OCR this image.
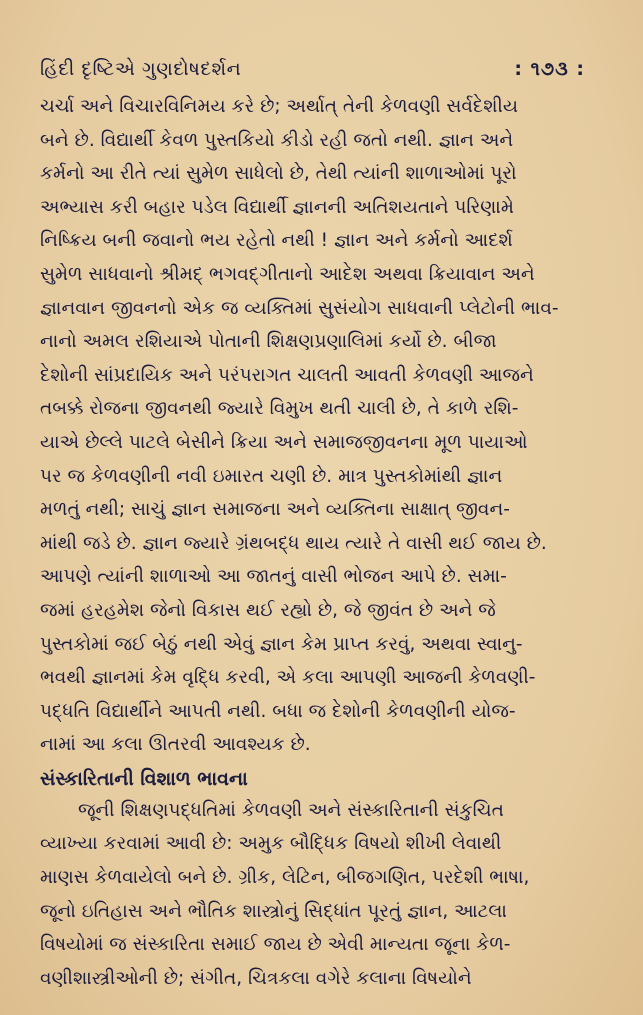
હિંદી દૃષ્ટિએ ગુણદોષદર્શન	: ૧૭૩ :

ચર્ચા અને વિચારવિનિમય કરે છે; અર્થાત્ તેની કેળવણી સર્વદેશીય

બને છે. વિદ્યાર્થી કેવળ પુસ્તકિયો કીડો રહી જતો નથી. જ્ઞાન અને

કર્મનો આ રીતે ત્યાં સુમેળ સાધેલો છે, તેથી ત્યાંની શાળાઓમાં પૂરો

અભ્યાસ કરી બહાર પડેલ વિદ્યાર્થી જ્ઞાનની અતિશયતાને પરિણામે

નિષ્ક્રિય બની જવાનો ભય રહેતો નથી ! જ્ઞાન અને કર્મનો આદર્શ

સુમેળ સાધવાનો શ્રીમદ્ ભગવદ્ગીતાનો આદેશ અથવા ક્રિયાવાન અને

જ્ઞાનવાન જીવનનો એક જ વ્યક્તિમાં સુસંયોગ સાધવાની પ્લેટોની ભાવ-

નાનો અમલ રશિયાએ પોતાની શિક્ષણપ્રણાલિમાં કર્યો છે. બીજા

દેશોની સાંપ્રદાયિક અને પરંપરાગત ચાલતી આવતી કેળવણી આજને

તબક્કે રોજના જીવનથી જ્યારે વિમુખ થતી ચાલી છે, તે કાળે રશિ-

યાએ છેલ્લે પાટલે બેસીને ક્રિયા અને સમાજજીવનના મૂળ પાયાઓ

પર જ કેળવણીની નવી ઇમારત ચણી છે. માત્ર પુસ્તકોમાંથી જ્ઞાન

મળતું નથી; સાચું જ્ઞાન સમાજના અને વ્યક્તિના સાક્ષાત્ જીવન-

માંથી જડે છે. જ્ઞાન જ્યારે ગ્રંથબદ્ધ થાય ત્યારે તે વાસી થઈ જાય છે.

આપણે ત્યાંની શાળાઓ આ જાતનું વાસી ભોજન આપે છે. સમા-

જમાં હરહમેશ જેનો વિકાસ થઈ રહ્યો છે, જે જીવંત છે અને જે

પુસ્તકોમાં જઈ બેઠું નથી એવું જ્ઞાન કેમ પ્રાપ્ત કરવું, અથવા સ્વાનુ-

ભવથી જ્ઞાનમાં કેમ વૃદ્ધિ કરવી, એ કલા આપણી આજની કેળવણી-

પદ્ધતિ વિદ્યાર્થીને આપતી નથી. બધા જ દેશોની કેળવણીની યોજ-

નામાં આ કલા ઊતરવી આવશ્યક છે.

સંસ્કારિતાની વિશાળ ભાવના

જૂની શિક્ષણપદ્ધતિમાં કેળવણી અને સંસ્કારિતાની સંકુચિત

વ્યાખ્યા કરવામાં આવી છે: અમુક બૌદ્ધિક વિષયો શીખી લેવાથી

માણસ કેળવાયેલો બને છે. ગ્રીક, લેટિન, બીજગણિત, પરદેશી ભાષા,

જૂનો ઇતિહાસ અને ભૌતિક શાસ્ત્રોનું સિદ્ધાંત પૂરતું જ્ઞાન, આટલા

વિષયોમાં જ સંસ્કારિતા સમાઈ જાય છે એવી માન્યતા જૂના કેળ-

વણીશાસ્ત્રીઓની છે; સંગીત, ચિત્રકલા વગેરે કલાના વિષયોને
